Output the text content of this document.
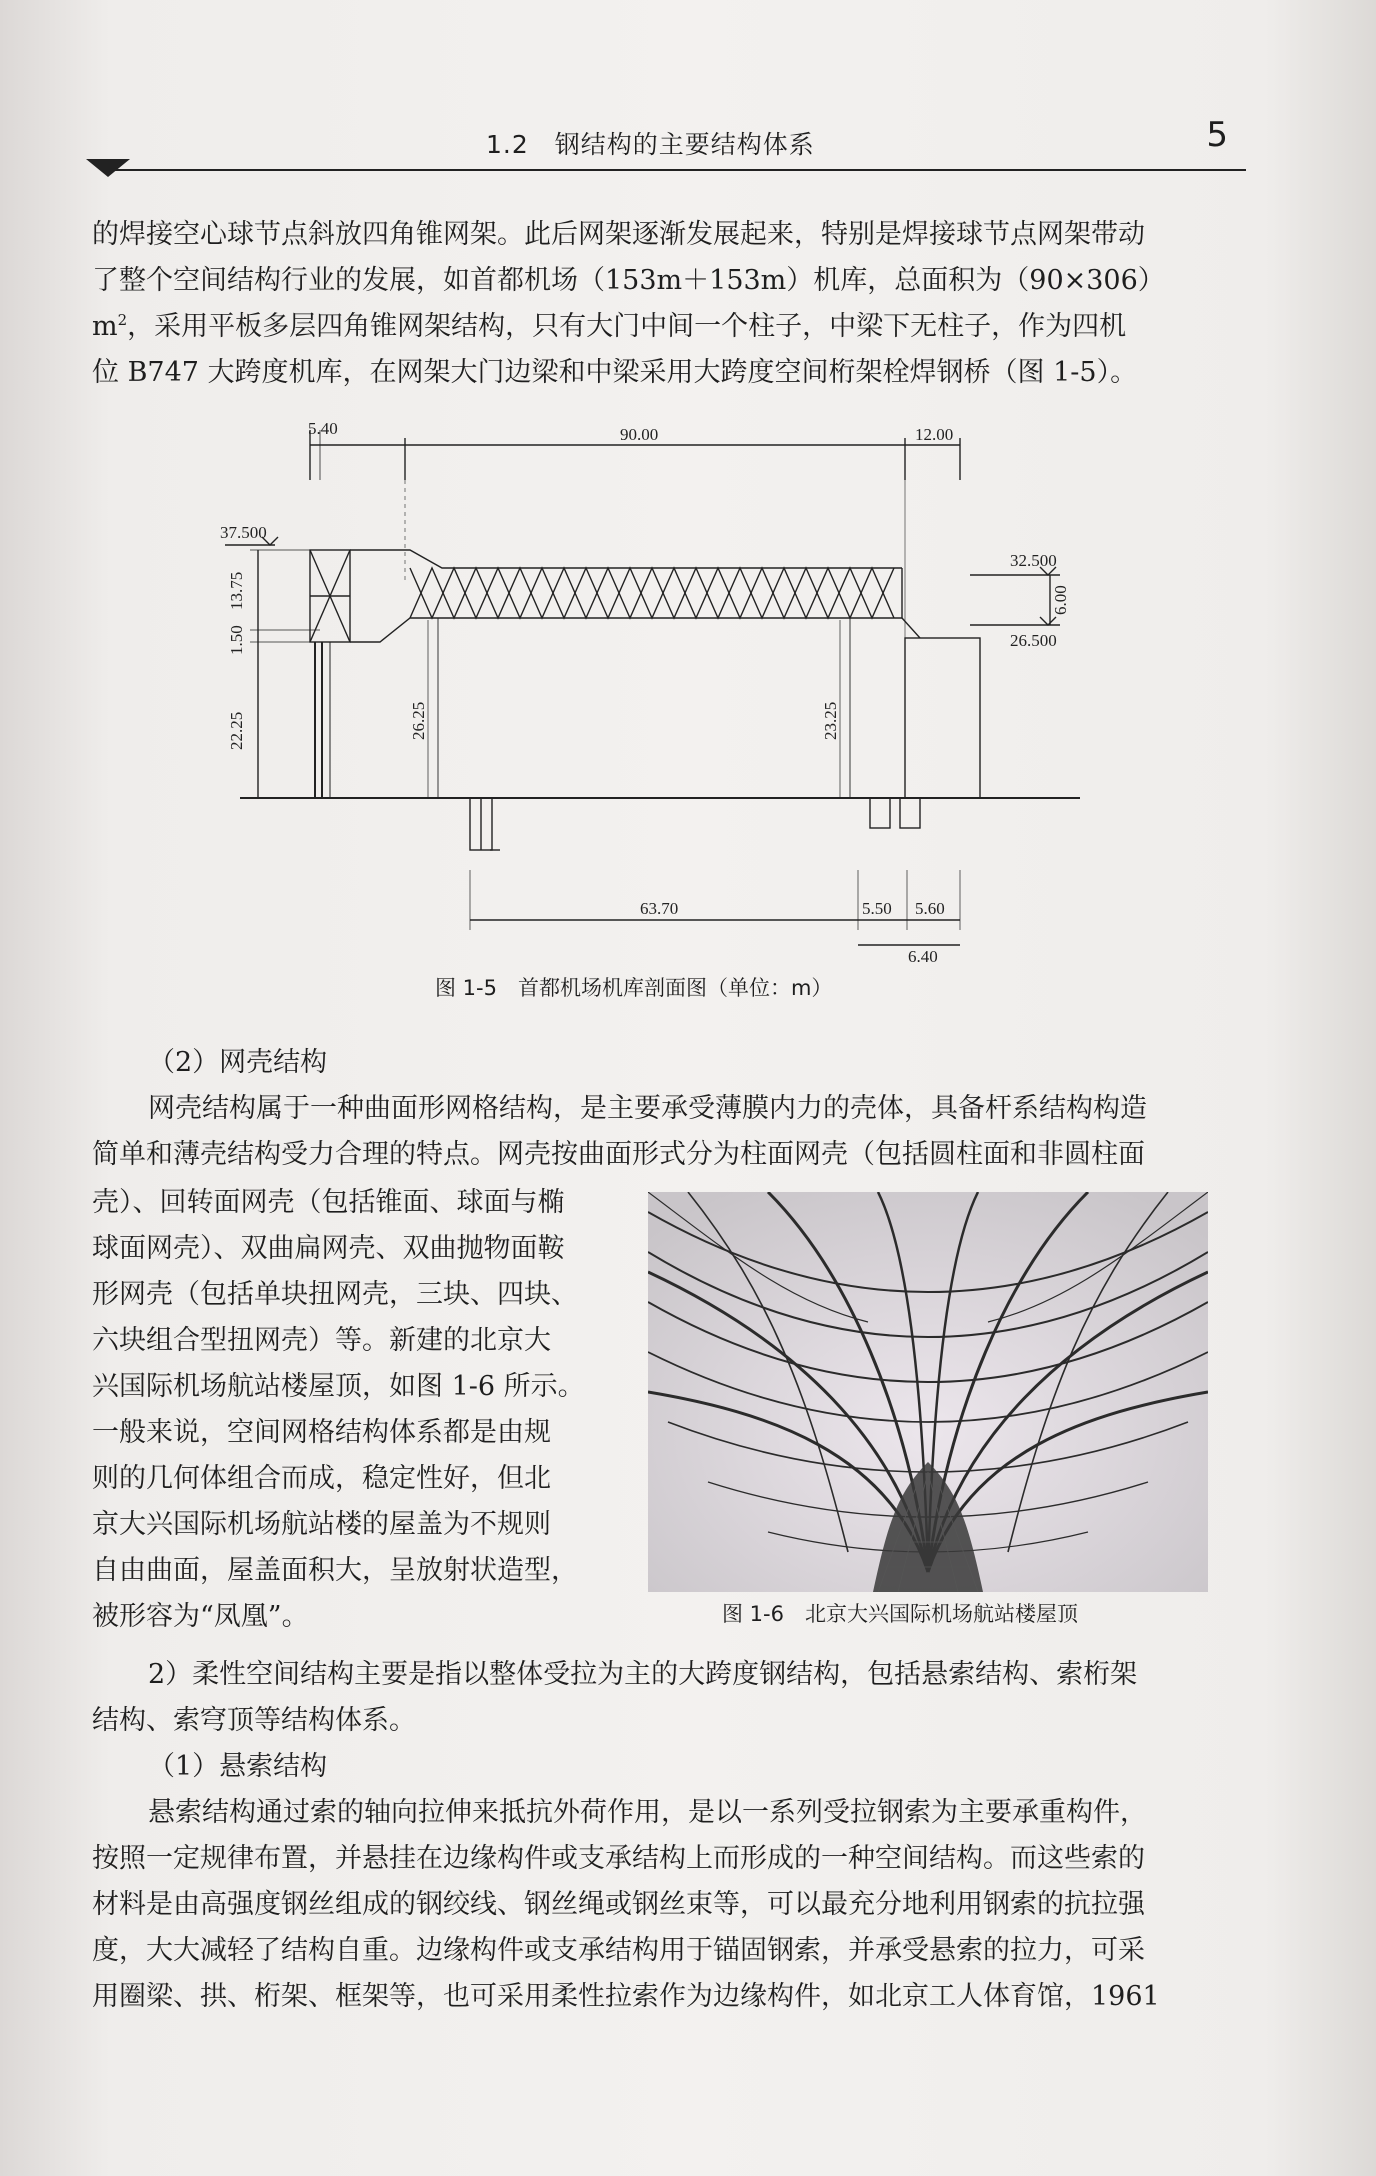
1.2　钢结构的主要结构体系	5

的焊接空心球节点斜放四角锥网架。此后网架逐渐发展起来，特别是焊接球节点网架带动

了整个空间结构行业的发展，如首都机场（153m＋153m）机库，总面积为（90×306）

$m^2$，采用平板多层四角锥网架结构，只有大门中间一个柱子，中梁下无柱子，作为四机

位 B747 大跨度机库，在网架大门边梁和中梁采用大跨度空间桁架栓焊钢桥（图 1-5）。

5.40	90.00	12.00
37.500
13.75
1.50
22.25	26.25	23.25
32.500
6.00
26.500
63.70	5.50 5.60
6.40
图 1-5　首都机场机库剖面图（单位：m）

（2）网壳结构

网壳结构属于一种曲面形网格结构，是主要承受薄膜内力的壳体，具备杆系结构构造

简单和薄壳结构受力合理的特点。网壳按曲面形式分为柱面网壳（包括圆柱面和非圆柱面

壳）、回转面网壳（包括锥面、球面与椭
球面网壳）、双曲扁网壳、双曲抛物面鞍
形网壳（包括单块扭网壳，三块、四块、
六块组合型扭网壳）等。新建的北京大
兴国际机场航站楼屋顶，如图 1-6 所示。
一般来说，空间网格结构体系都是由规
则的几何体组合而成，稳定性好，但北
京大兴国际机场航站楼的屋盖为不规则
自由曲面，屋盖面积大，呈放射状造型，
被形容为“凤凰”。	图 1-6　北京大兴国际机场航站楼屋顶

2）柔性空间结构主要是指以整体受拉为主的大跨度钢结构，包括悬索结构、索桁架

结构、索穹顶等结构体系。

（1）悬索结构

悬索结构通过索的轴向拉伸来抵抗外荷作用，是以一系列受拉钢索为主要承重构件，

按照一定规律布置，并悬挂在边缘构件或支承结构上而形成的一种空间结构。而这些索的

材料是由高强度钢丝组成的钢绞线、钢丝绳或钢丝束等，可以最充分地利用钢索的抗拉强

度，大大减轻了结构自重。边缘构件或支承结构用于锚固钢索，并承受悬索的拉力，可采

用圈梁、拱、桁架、框架等，也可采用柔性拉索作为边缘构件，如北京工人体育馆，1961
